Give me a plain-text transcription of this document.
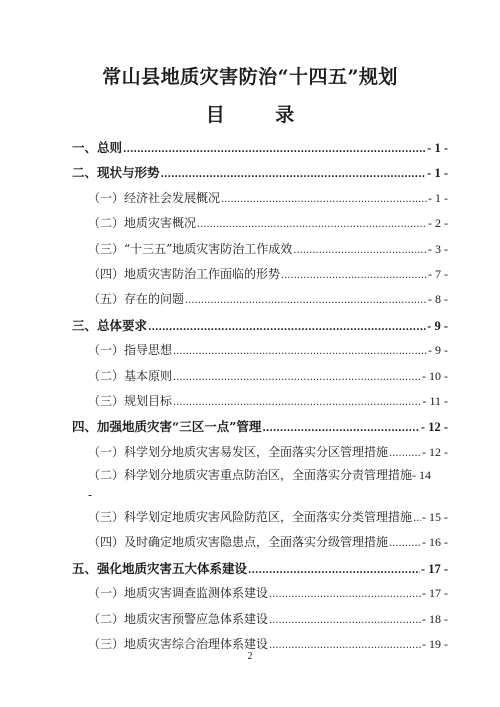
常山县地质灾害防治“十四五”规划
目 录
一、总则 .....	- 1 -
二、现状与形势 .....	- 1 -
（一）经济社会发展概况 .....	- 1 -
（二）地质灾害概况 .....	- 2 -
（三）“十三五”地质灾害防治工作成效 .....	- 3 -
（四）地质灾害防治工作面临的形势 .....	- 7 -
（五）存在的问题 .....	- 8 -
三、总体要求 .....	- 9 -
（一）指导思想 .....	- 9 -
（二）基本原则 .....	- 10 -
（三）规划目标 .....	- 11 -
四、加强地质灾害“三区一点”管理 .....	- 12 -
（一）科学划分地质灾害易发区，全面落实分区管理措施 .....	- 12 -
（二）科学划分地质灾害重点防治区，全面落实分责管理措施 - 14
-
（三）科学划定地质灾害风险防范区，全面落实分类管理措施 ..... - 15 -
（四）及时确定地质灾害隐患点，全面落实分级管理措施 .....	- 16 -
五、强化地质灾害五大体系建设 .....	- 17 -
（一）地质灾害调查监测体系建设 .....	- 17 -
（二）地质灾害预警应急体系建设 .....	- 18 -
（三）地质灾害综合治理体系建设 .....	- 19 -
2
